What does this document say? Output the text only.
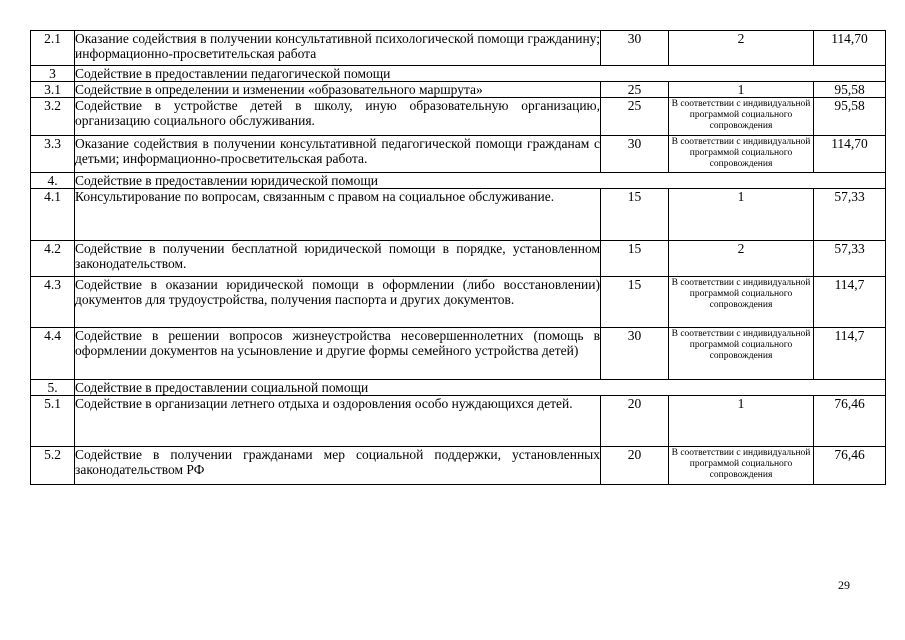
2.1	Оказание содействия в получении консультативной психологической помощи гражданину; информационно-просветительская работа	30	2	114,70
3	Содействие в предоставлении педагогической помощи			
3.1	Содействие в определении и изменении «образовательного маршрута»	25	1	95,58
3.2	Содействие в устройстве детей в школу, иную образовательную организацию, организацию социального обслуживания.	25	В соответствии с индивидуальной программой социального сопровождения	95,58
3.3	Оказание содействия в получении консультативной педагогической помощи гражданам с детьми; информационно-просветительская работа.	30	В соответствии с индивидуальной программой социального сопровождения	114,70
4.	Содействие в предоставлении юридической помощи			
4.1	Консультирование по вопросам, связанным с правом на социальное обслуживание.	15	1	57,33
4.2	Содействие в получении бесплатной юридической помощи в порядке, установленном законодательством.	15	2	57,33
4.3	Содействие в оказании юридической помощи в оформлении (либо восстановлении) документов для трудоустройства, получения паспорта и других документов.	15	В соответствии с индивидуальной программой социального сопровождения	114,7
4.4	Содействие в решении вопросов жизнеустройства несовершеннолетних (помощь в оформлении документов на усыновление и другие формы семейного устройства детей)	30	В соответствии с индивидуальной программой социального сопровождения	114,7
5.	Содействие в предоставлении социальной помощи			
5.1	Содействие в организации летнего отдыха и оздоровления особо нуждающихся детей.	20	1	76,46
5.2	Содействие в получении гражданами мер социальной поддержки, установленных законодательством РФ	20	В соответствии с индивидуальной программой социального сопровождения	76,46
29
